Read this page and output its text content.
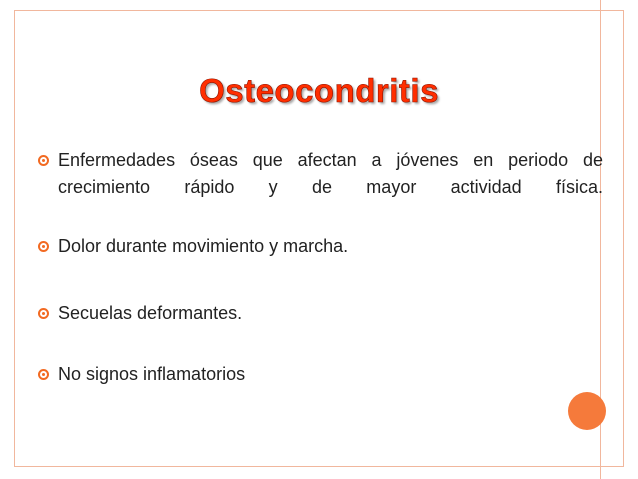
Osteocondritis
Enfermedades óseas que afectan a jóvenes en periodo de crecimiento rápido y de mayor actividad física.
Dolor durante movimiento y marcha.
Secuelas deformantes.
No signos inflamatorios
